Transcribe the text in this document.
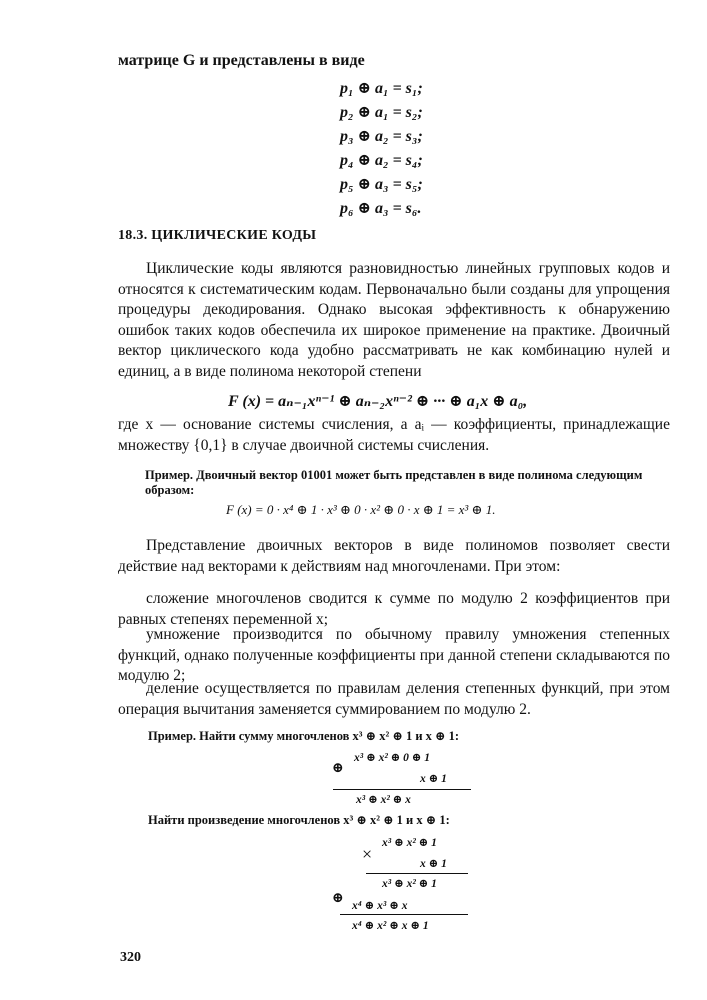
матрице G и представлены в виде
p₁ ⊕ a₁ = s₁;
p₂ ⊕ a₁ = s₂;
p₃ ⊕ a₂ = s₃;
p₄ ⊕ a₂ = s₄;
p₅ ⊕ a₃ = s₅;
p₆ ⊕ a₃ = s₆.
18.3. ЦИКЛИЧЕСКИЕ КОДЫ
Циклические коды являются разновидностью линейных групповых кодов и относятся к систематическим кодам. Первоначально были созданы для упрощения процедуры декодирования. Однако высокая эффективность к обнаружению ошибок таких кодов обеспечила их широкое применение на практике. Двоичный вектор циклического кода удобно рассматривать не как комбинацию нулей и единиц, а в виде полинома некоторой степени
F (x) = aₙ₋₁xⁿ⁻¹ ⊕ aₙ₋₂xⁿ⁻² ⊕ ··· ⊕ a₁x ⊕ a₀,
где x — основание системы счисления, а aᵢ — коэффициенты, принадлежащие множеству {0,1} в случае двоичной системы счисления.
Пример. Двоичный вектор 01001 может быть представлен в виде полинома следующим образом:
F (x) = 0 · x⁴ ⊕ 1 · x³ ⊕ 0 · x² ⊕ 0 · x ⊕ 1 = x³ ⊕ 1.
Представление двоичных векторов в виде полиномов позволяет свести действие над векторами к действиям над многочленами. При этом:
сложение многочленов сводится к сумме по модулю 2 коэффициентов при равных степенях переменной x;
умножение производится по обычному правилу умножения степенных функций, однако полученные коэффициенты при данной степени складываются по модулю 2;
деление осуществляется по правилам деления степенных функций, при этом операция вычитания заменяется суммированием по модулю 2.
Пример. Найти сумму многочленов x³ ⊕ x² ⊕ 1 и x ⊕ 1:
⊕
x³ ⊕ x² ⊕ 0 ⊕ 1
x ⊕ 1
x³ ⊕ x² ⊕ x
Найти произведение многочленов x³ ⊕ x² ⊕ 1 и x ⊕ 1:
×
x³ ⊕ x² ⊕ 1
x ⊕ 1
x³ ⊕ x² ⊕ 1
⊕ x⁴ ⊕ x³ ⊕ x
x⁴ ⊕ x² ⊕ x ⊕ 1
320
